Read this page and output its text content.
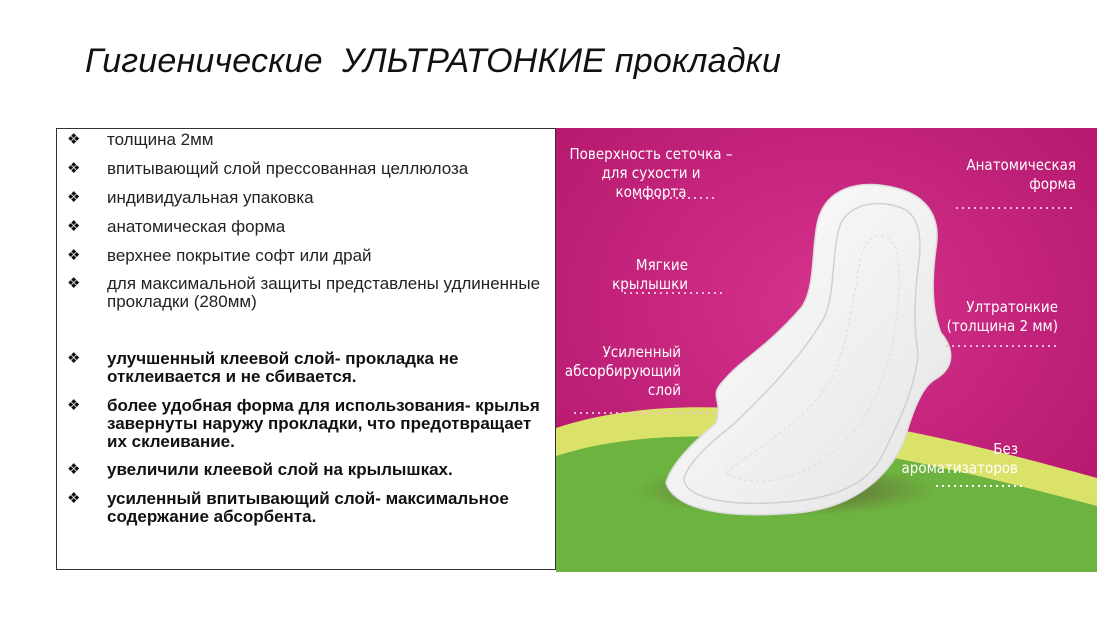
Гигиенические  УЛЬТРАТОНКИЕ прокладки
❖	толщина 2мм
❖	впитывающий слой прессованная целлюлоза
❖	индивидуальная упаковка
❖	анатомическая форма
❖	верхнее покрытие софт или драй
❖	для максимальной защиты представлены удлиненные прокладки (280мм)
❖	улучшенный клеевой слой- прокладка не отклеивается и не сбивается.
❖	более удобная форма для использования- крылья завернуты наружу прокладки, что предотвращает их склеивание.
❖	увеличили клеевой слой на крылышках.
❖	усиленный впитывающий слой- максимальное содержание абсорбента.
Поверхность сеточка –
для сухости и комфорта
Анатомическая
форма
Мягкие
крылышки
Ултратонкие
(толщина 2 мм)
Усиленный
абсорбирующий
слой
Без
ароматизаторов
